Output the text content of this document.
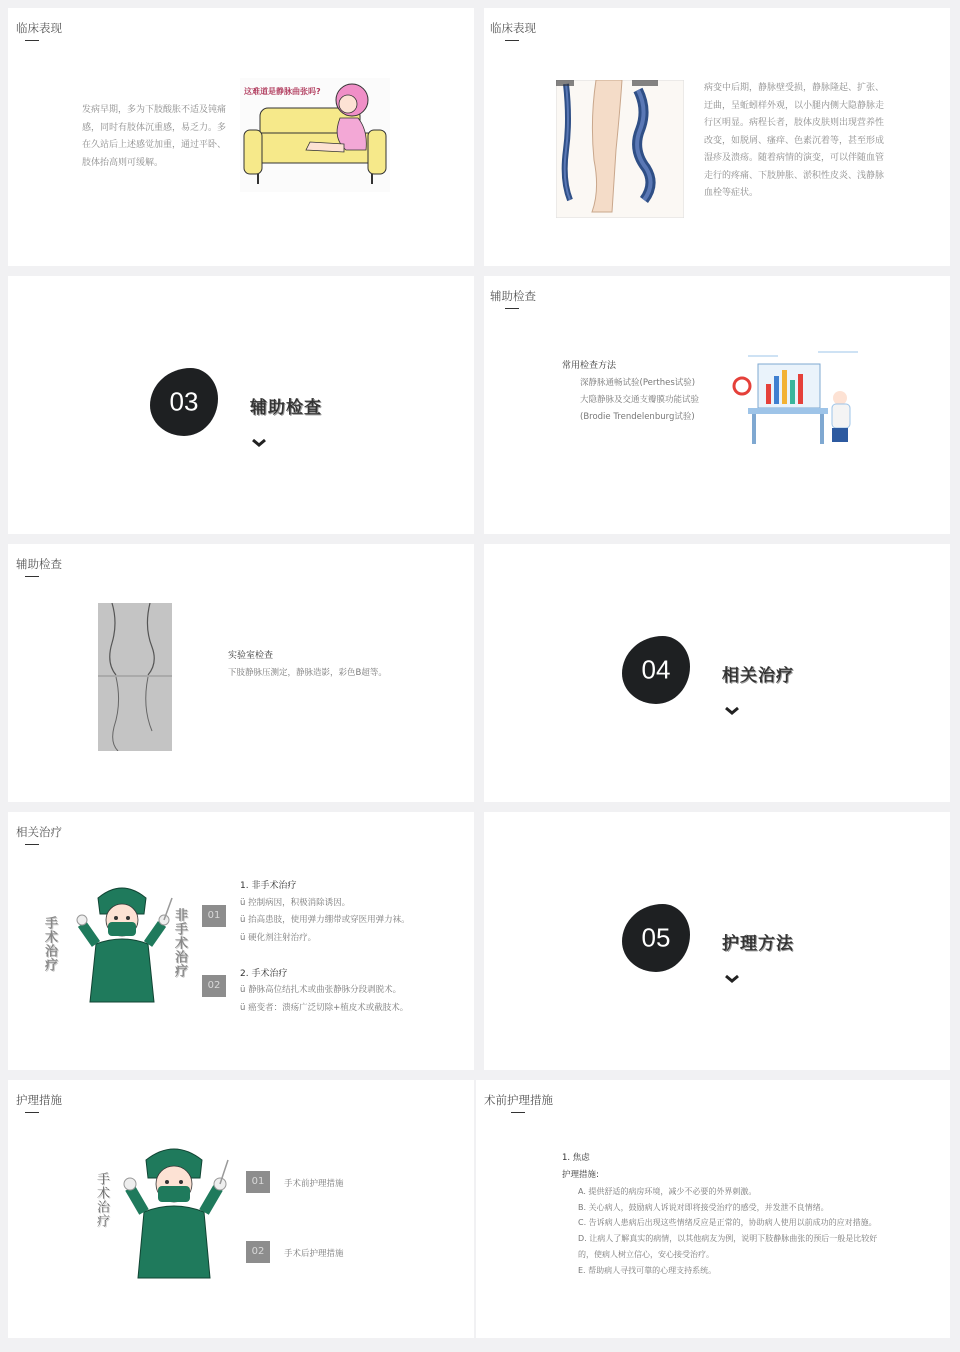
临床表现
发病早期，多为下肢酸胀不适及钝痛感，同时有肢体沉重感，易乏力。多在久站后上述感觉加重，通过平卧、肢体抬高则可缓解。
这难道是静脉曲张吗?
临床表现
病变中后期，静脉壁受损，静脉隆起、扩张、迂曲，呈蚯蚓样外观，以小腿内侧大隐静脉走行区明显。病程长者，肢体皮肤则出现营养性改变，如脱屑、瘙痒、色素沉着等，甚至形成湿疹及溃疡。随着病情的演变，可以伴随血管走行的疼痛、下肢肿胀、淤积性皮炎、浅静脉血栓等症状。
03	辅助检查
辅助检查
常用检查方法
深静脉通畅试验(Perthes试验)
大隐静脉及交通支瓣膜功能试验
(Brodie Trendelenburg试验)
辅助检查
实验室检查
下肢静脉压测定，静脉造影，彩色B超等。	04	相关治疗
相关治疗
手术治疗	非手术治疗	01
02
1. 非手术治疗
ü 控制病因，积极消除诱因。
ü 抬高患肢，使用弹力绷带或穿医用弹力袜。
ü 硬化剂注射治疗。
2. 手术治疗
ü 静脉高位结扎术或曲张静脉分段剥脱术。
ü 癌变者：溃疡广泛切除+植皮术或截肢术。
05	护理方法
护理措施
手术治疗	01
02
手术前护理措施
手术后护理措施
术前护理措施
1. 焦虑
护理措施:
A. 提供舒适的病房环境，减少不必要的外界刺激。
B. 关心病人，鼓励病人诉说对即将接受治疗的感受，并发泄不良情绪。
C. 告诉病人患病后出现这些情绪反应是正常的，协助病人使用以前成功的应对措施。
D. 让病人了解真实的病情，以其他病友为例，说明下肢静脉曲张的预后一般是比较好
的，使病人树立信心，安心接受治疗。
E. 帮助病人寻找可靠的心理支持系统。
